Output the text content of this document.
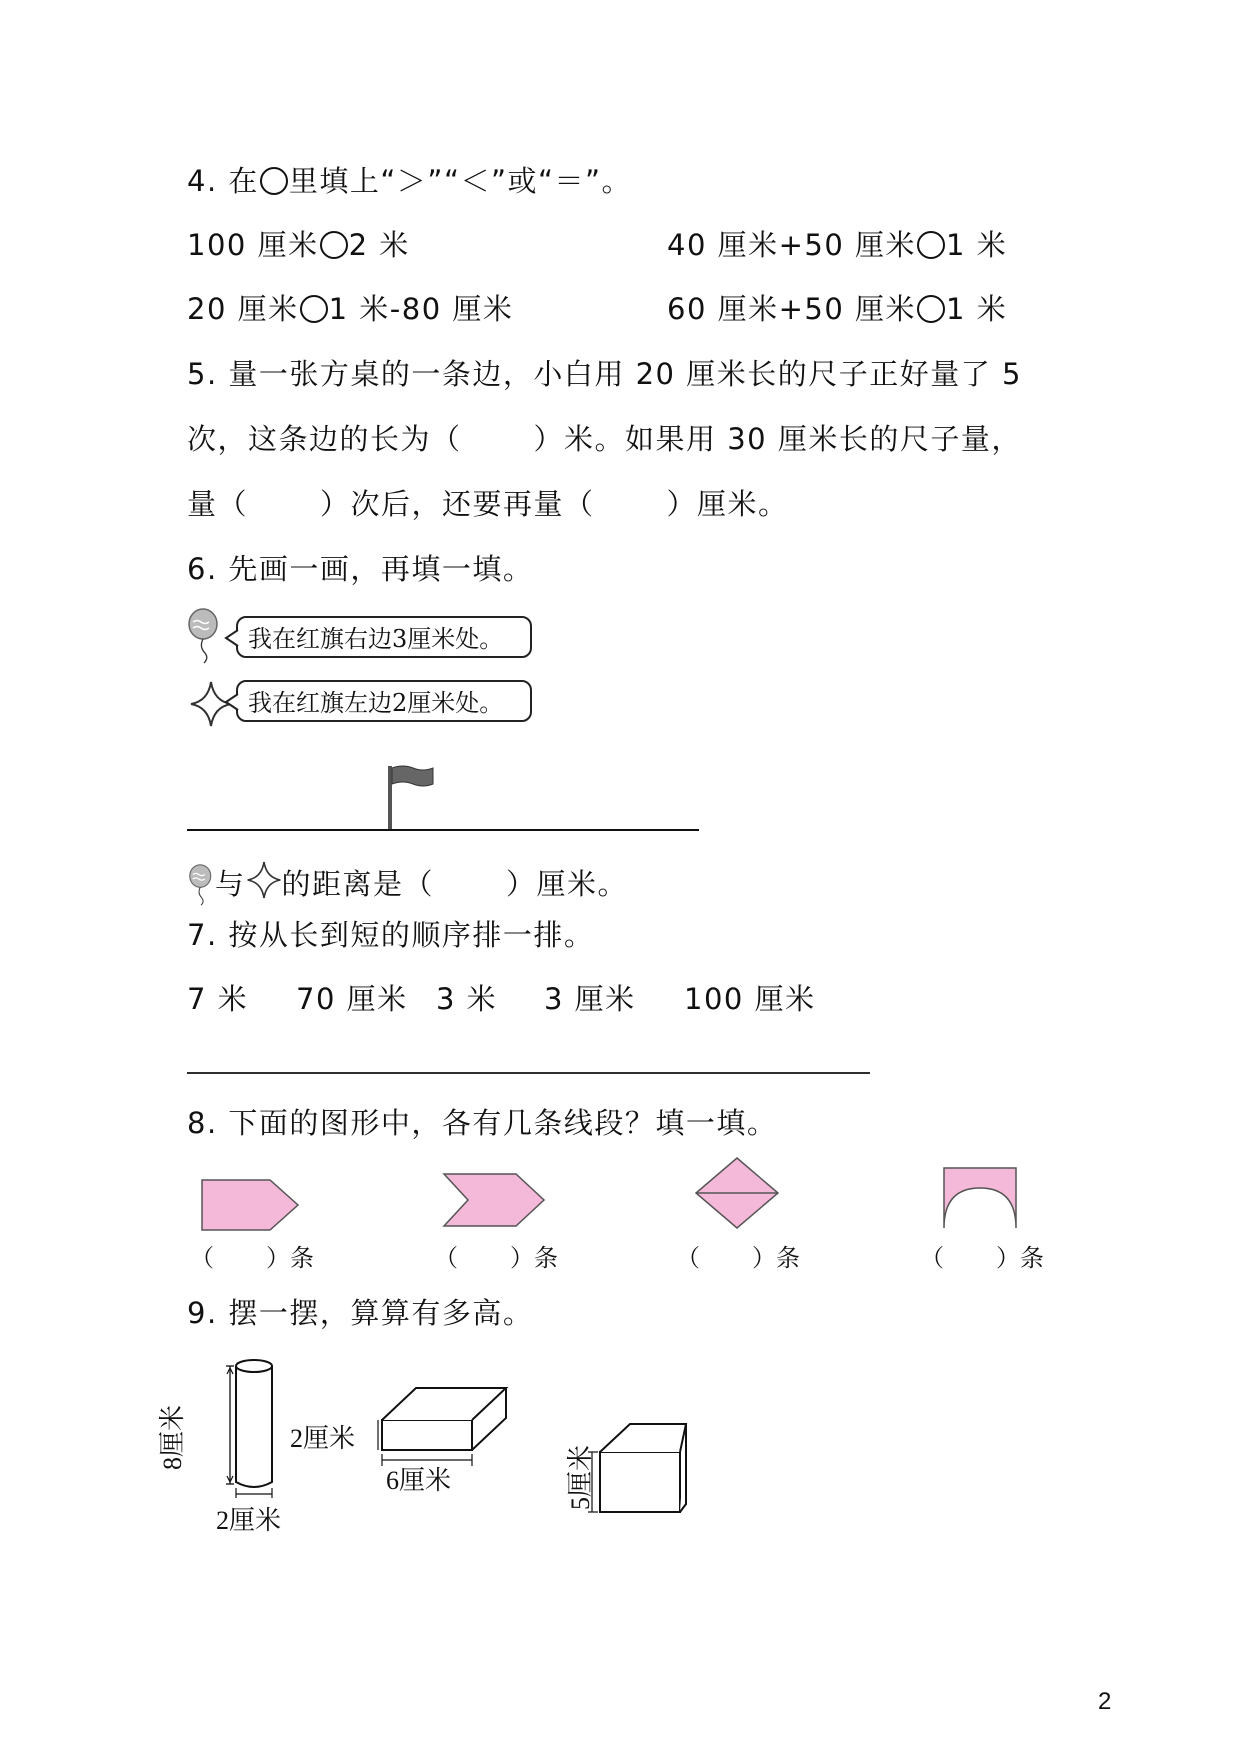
4. 在 里填上“＞”“＜”或“＝”。
100 厘米 2 米	40 厘米+50 厘米 1 米
20 厘米 1 米-80 厘米	60 厘米+50 厘米 1 米
5. 量一张方桌的一条边，小白用 20 厘米长的尺子正好量了 5
次，这条边的长为（ ）米。如果用 30 厘米长的尺子量，
量（ ）次后，还要再量（ ）厘米。
6. 先画一画，再填一填。
我在红旗右边3厘米处。
我在红旗左边2厘米处。
与 的距离是（ ）厘米。
7. 按从长到短的顺序排一排。
7 米 70 厘米 3 米 3 厘米 100 厘米
8. 下面的图形中，各有几条线段？填一填。
（ ）条	（ ）条	（ ）条	（ ）条
9. 摆一摆，算算有多高。
8厘米
2厘米
2厘米
6厘米	5厘米
2
